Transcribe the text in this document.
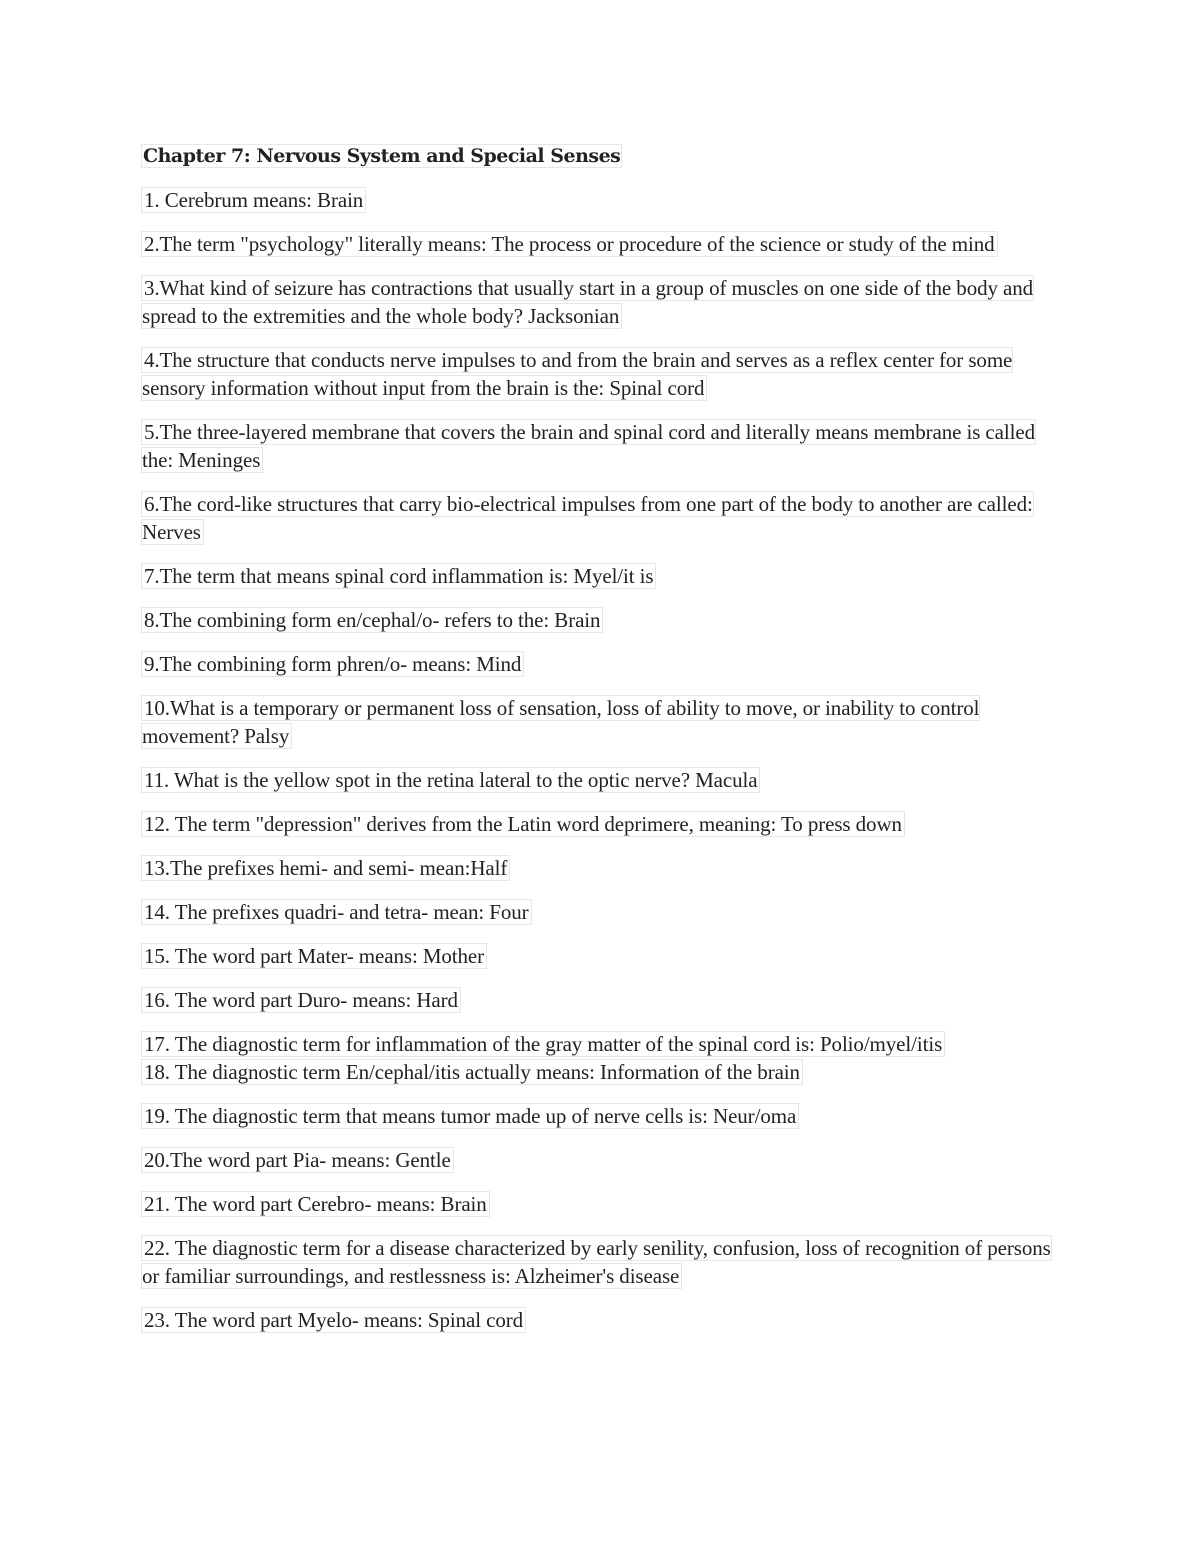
Chapter 7: Nervous System and Special Senses
1. Cerebrum means: Brain
2.The term "psychology" literally means: The process or procedure of the science or study of the mind
3.What kind of seizure has contractions that usually start in a group of muscles on one side of the body and spread to the extremities and the whole body? Jacksonian
4.The structure that conducts nerve impulses to and from the brain and serves as a reflex center for some sensory information without input from the brain is the: Spinal cord
5.The three-layered membrane that covers the brain and spinal cord and literally means membrane is called the: Meninges
6.The cord-like structures that carry bio-electrical impulses from one part of the body to another are called: Nerves
7.The term that means spinal cord inflammation is: Myel/it is
8.The combining form en/cephal/o- refers to the: Brain
9.The combining form phren/o- means: Mind
10.What is a temporary or permanent loss of sensation, loss of ability to move, or inability to control movement? Palsy
11. What is the yellow spot in the retina lateral to the optic nerve? Macula
12. The term "depression" derives from the Latin word deprimere, meaning: To press down
13.The prefixes hemi- and semi- mean:Half
14. The prefixes quadri- and tetra- mean: Four
15. The word part Mater- means: Mother
16. The word part Duro- means: Hard
17. The diagnostic term for inflammation of the gray matter of the spinal cord is: Polio/myel/itis
18. The diagnostic term En/cephal/itis actually means: Information of the brain
19. The diagnostic term that means tumor made up of nerve cells is: Neur/oma
20.The word part Pia- means: Gentle
21. The word part Cerebro- means: Brain
22. The diagnostic term for a disease characterized by early senility, confusion, loss of recognition of persons or familiar surroundings, and restlessness is: Alzheimer's disease
23. The word part Myelo- means: Spinal cord
